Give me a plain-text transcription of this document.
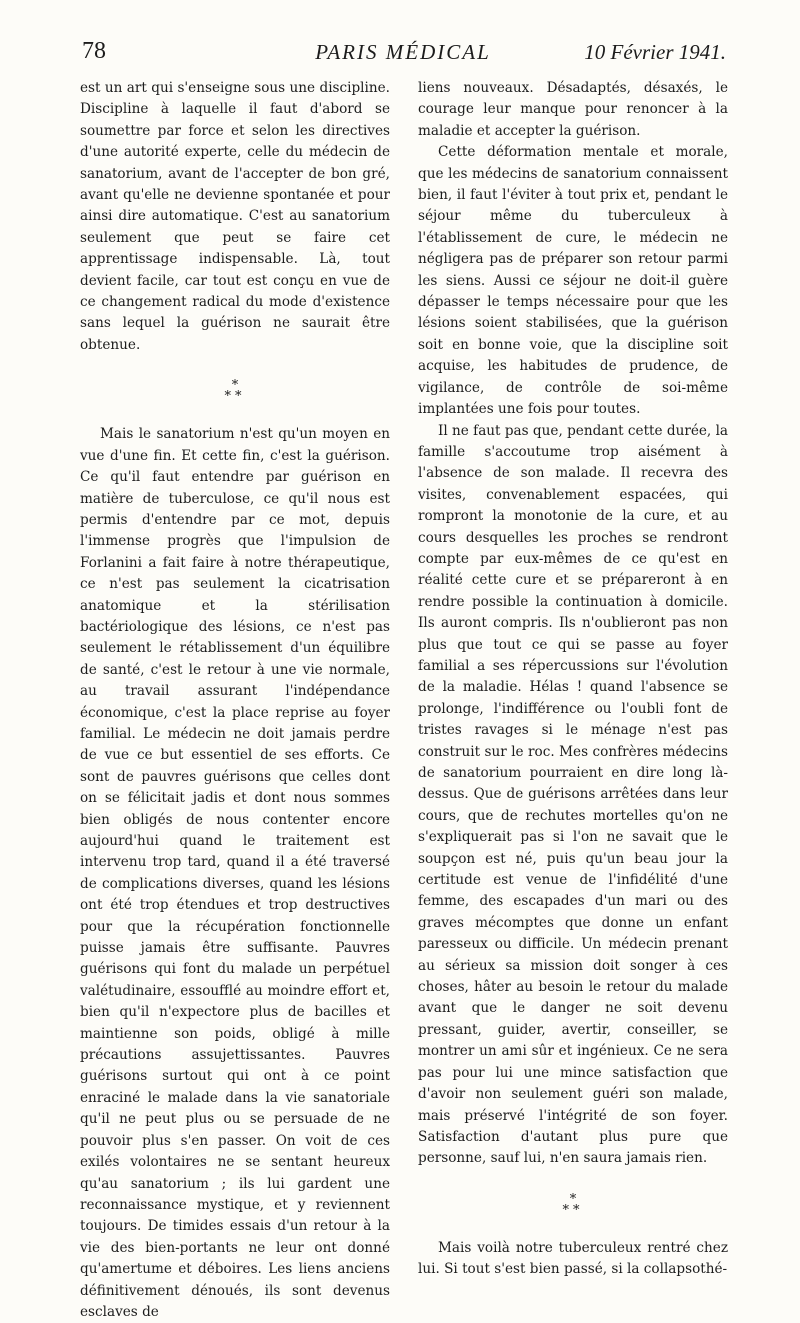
78	PARIS MÉDICAL	10 Février 1941.

est un art qui s'enseigne sous une discipline. Discipline à laquelle il faut d'abord se soumettre par force et selon les directives d'une autorité experte, celle du médecin de sanatorium, avant de l'accepter de bon gré, avant qu'elle ne devienne spontanée et pour ainsi dire automatique. C'est au sanatorium seulement que peut se faire cet apprentissage indispensable. Là, tout devient facile, car tout est conçu en vue de ce changement radical du mode d'existence sans lequel la guérison ne saurait être obtenue.

*
**

Mais le sanatorium n'est qu'un moyen en vue d'une fin. Et cette fin, c'est la guérison. Ce qu'il faut entendre par guérison en matière de tuberculose, ce qu'il nous est permis d'entendre par ce mot, depuis l'immense progrès que l'impulsion de Forlanini a fait faire à notre thérapeutique, ce n'est pas seulement la cicatrisation anatomique et la stérilisation bactériologique des lésions, ce n'est pas seulement le rétablissement d'un équilibre de santé, c'est le retour à une vie normale, au travail assurant l'indépendance économique, c'est la place reprise au foyer familial. Le médecin ne doit jamais perdre de vue ce but essentiel de ses efforts. Ce sont de pauvres guérisons que celles dont on se félicitait jadis et dont nous sommes bien obligés de nous contenter encore aujourd'hui quand le traitement est intervenu trop tard, quand il a été traversé de complications diverses, quand les lésions ont été trop étendues et trop destructives pour que la récupération fonctionnelle puisse jamais être suffisante. Pauvres guérisons qui font du malade un perpétuel valétudinaire, essoufflé au moindre effort et, bien qu'il n'expectore plus de bacilles et maintienne son poids, obligé à mille précautions assujettissantes. Pauvres guérisons surtout qui ont à ce point enraciné le malade dans la vie sanatoriale qu'il ne peut plus ou se persuade de ne pouvoir plus s'en passer. On voit de ces exilés volontaires ne se sentant heureux qu'au sanatorium ; ils lui gardent une reconnaissance mystique, et y reviennent toujours. De timides essais d'un retour à la vie des bien-portants ne leur ont donné qu'amertume et déboires. Les liens anciens définitivement dénoués, ils sont devenus esclaves de

liens nouveaux. Désadaptés, désaxés, le courage leur manque pour renoncer à la maladie et accepter la guérison.

Cette déformation mentale et morale, que les médecins de sanatorium connaissent bien, il faut l'éviter à tout prix et, pendant le séjour même du tuberculeux à l'établissement de cure, le médecin ne négligera pas de préparer son retour parmi les siens. Aussi ce séjour ne doit-il guère dépasser le temps nécessaire pour que les lésions soient stabilisées, que la guérison soit en bonne voie, que la discipline soit acquise, les habitudes de prudence, de vigilance, de contrôle de soi-même implantées une fois pour toutes.

Il ne faut pas que, pendant cette durée, la famille s'accoutume trop aisément à l'absence de son malade. Il recevra des visites, convenablement espacées, qui rompront la monotonie de la cure, et au cours desquelles les proches se rendront compte par eux-mêmes de ce qu'est en réalité cette cure et se prépareront à en rendre possible la continuation à domicile. Ils auront compris. Ils n'oublieront pas non plus que tout ce qui se passe au foyer familial a ses répercussions sur l'évolution de la maladie. Hélas ! quand l'absence se prolonge, l'indifférence ou l'oubli font de tristes ravages si le ménage n'est pas construit sur le roc. Mes confrères médecins de sanatorium pourraient en dire long là-dessus. Que de guérisons arrêtées dans leur cours, que de rechutes mortelles qu'on ne s'expliquerait pas si l'on ne savait que le soupçon est né, puis qu'un beau jour la certitude est venue de l'infidélité d'une femme, des escapades d'un mari ou des graves mécomptes que donne un enfant paresseux ou difficile. Un médecin prenant au sérieux sa mission doit songer à ces choses, hâter au besoin le retour du malade avant que le danger ne soit devenu pressant, guider, avertir, conseiller, se montrer un ami sûr et ingénieux. Ce ne sera pas pour lui une mince satisfaction que d'avoir non seulement guéri son malade, mais préservé l'intégrité de son foyer. Satisfaction d'autant plus pure que personne, sauf lui, n'en saura jamais rien.

*
**

Mais voilà notre tuberculeux rentré chez lui. Si tout s'est bien passé, si la collapsothé-
